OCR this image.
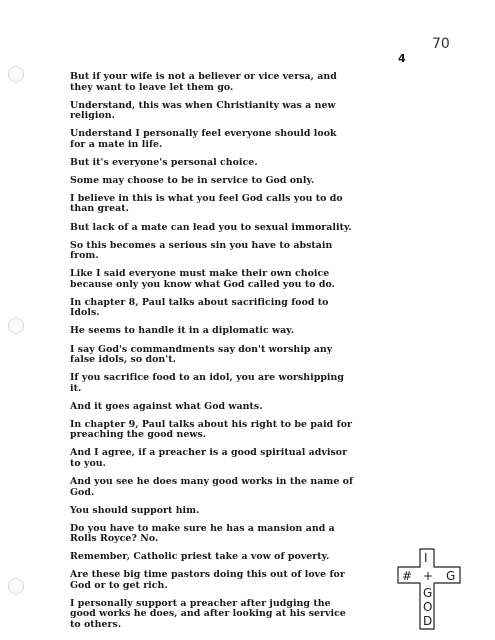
70
4
But if your wife is not a believer or vice versa, and
they want to leave let them go.
Understand, this was when Christianity was a new
religion.
Understand I personally feel everyone should look
for a mate in life.
But it's everyone's personal choice.
Some may choose to be in service to God only.
I believe in this is what you feel God calls you to do
than great.
But lack of a mate can lead you to sexual immorality.
So this becomes a serious sin you have to abstain
from.
Like I said everyone must make their own choice
because only you know what God called you to do.
In chapter 8, Paul talks about sacrificing food to
Idols.
He seems to handle it in a diplomatic way.
I say God's commandments say don't worship any
false idols, so don't.
If you sacrifice food to an idol, you are worshipping
it.
And it goes against what God wants.
In chapter 9, Paul talks about his right to be paid for
preaching the good news.
And I agree, if a preacher is a good spiritual advisor
to you.
And you see he does many good works in the name of
God.
You should support him.
Do you have to make sure he has a mansion and a
Rolls Royce? No.
Remember, Catholic priest take a vow of poverty.
Are these big time pastors doing this out of love for
God or to get rich.
I personally support a preacher after judging the
good works he does, and after looking at his service
to others.
I
# + G
G
O
D
